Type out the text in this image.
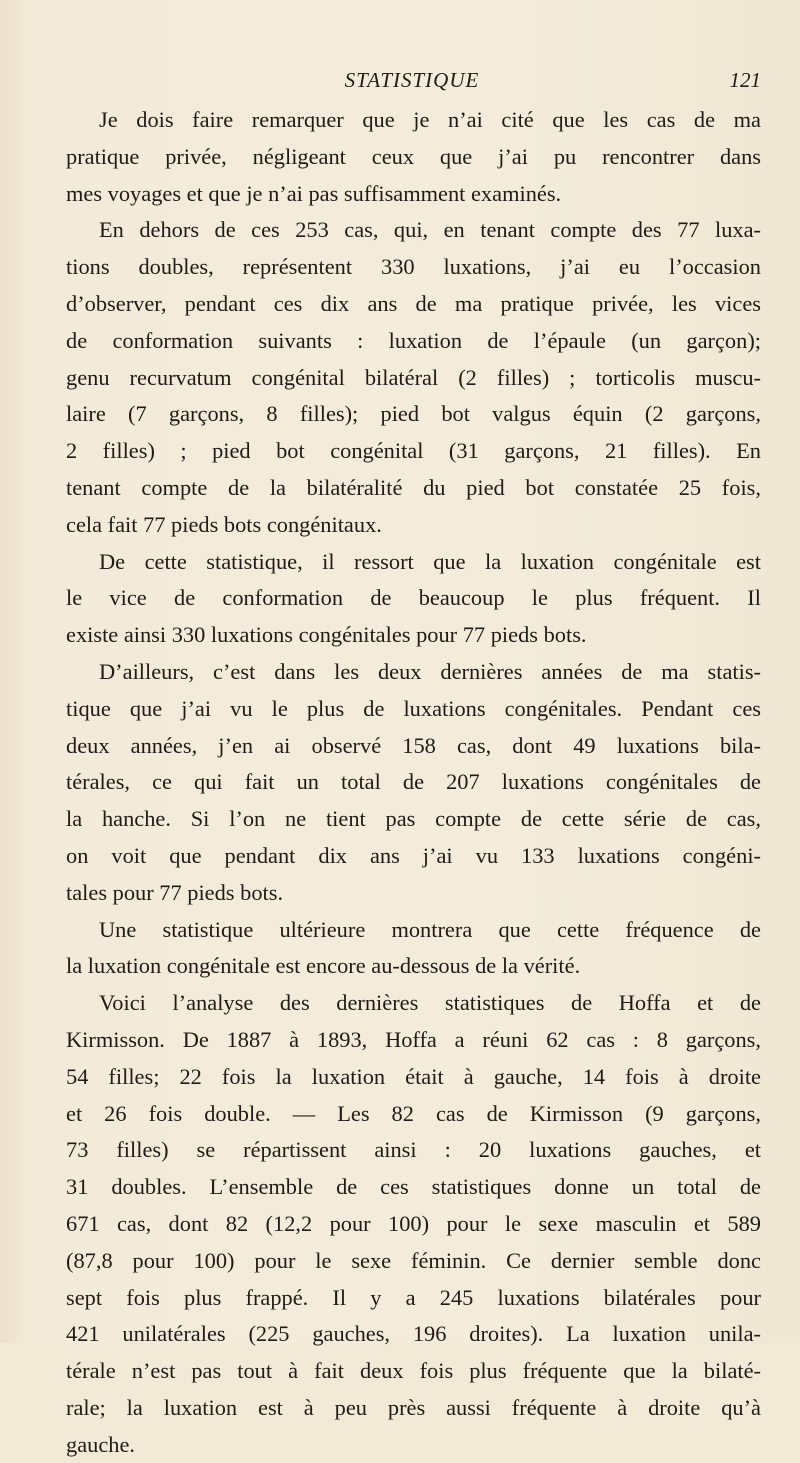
STATISTIQUE	121
Je dois faire remarquer que je n’ai cité que les cas de ma
pratique privée, négligeant ceux que j’ai pu rencontrer dans
mes voyages et que je n’ai pas suffisamment examinés.
En dehors de ces 253 cas, qui, en tenant compte des 77 luxa-
tions doubles, représentent 330 luxations, j’ai eu l’occasion
d’observer, pendant ces dix ans de ma pratique privée, les vices
de conformation suivants : luxation de l’épaule (un garçon);
genu recurvatum congénital bilatéral (2 filles) ; torticolis muscu-
laire (7 garçons, 8 filles); pied bot valgus équin (2 garçons,
2 filles) ; pied bot congénital (31 garçons, 21 filles). En
tenant compte de la bilatéralité du pied bot constatée 25 fois,
cela fait 77 pieds bots congénitaux.
De cette statistique, il ressort que la luxation congénitale est
le vice de conformation de beaucoup le plus fréquent. Il
existe ainsi 330 luxations congénitales pour 77 pieds bots.
D’ailleurs, c’est dans les deux dernières années de ma statis-
tique que j’ai vu le plus de luxations congénitales. Pendant ces
deux années, j’en ai observé 158 cas, dont 49 luxations bila-
térales, ce qui fait un total de 207 luxations congénitales de
la hanche. Si l’on ne tient pas compte de cette série de cas,
on voit que pendant dix ans j’ai vu 133 luxations congéni-
tales pour 77 pieds bots.
Une statistique ultérieure montrera que cette fréquence de
la luxation congénitale est encore au-dessous de la vérité.
Voici l’analyse des dernières statistiques de Hoffa et de
Kirmisson. De 1887 à 1893, Hoffa a réuni 62 cas : 8 garçons,
54 filles; 22 fois la luxation était à gauche, 14 fois à droite
et 26 fois double. — Les 82 cas de Kirmisson (9 garçons,
73 filles) se répartissent ainsi : 20 luxations gauches, et
31 doubles. L’ensemble de ces statistiques donne un total de
671 cas, dont 82 (12,2 pour 100) pour le sexe masculin et 589
(87,8 pour 100) pour le sexe féminin. Ce dernier semble donc
sept fois plus frappé. Il y a 245 luxations bilatérales pour
421 unilatérales (225 gauches, 196 droites). La luxation unila-
térale n’est pas tout à fait deux fois plus fréquente que la bilaté-
rale; la luxation est à peu près aussi fréquente à droite qu’à
gauche.
